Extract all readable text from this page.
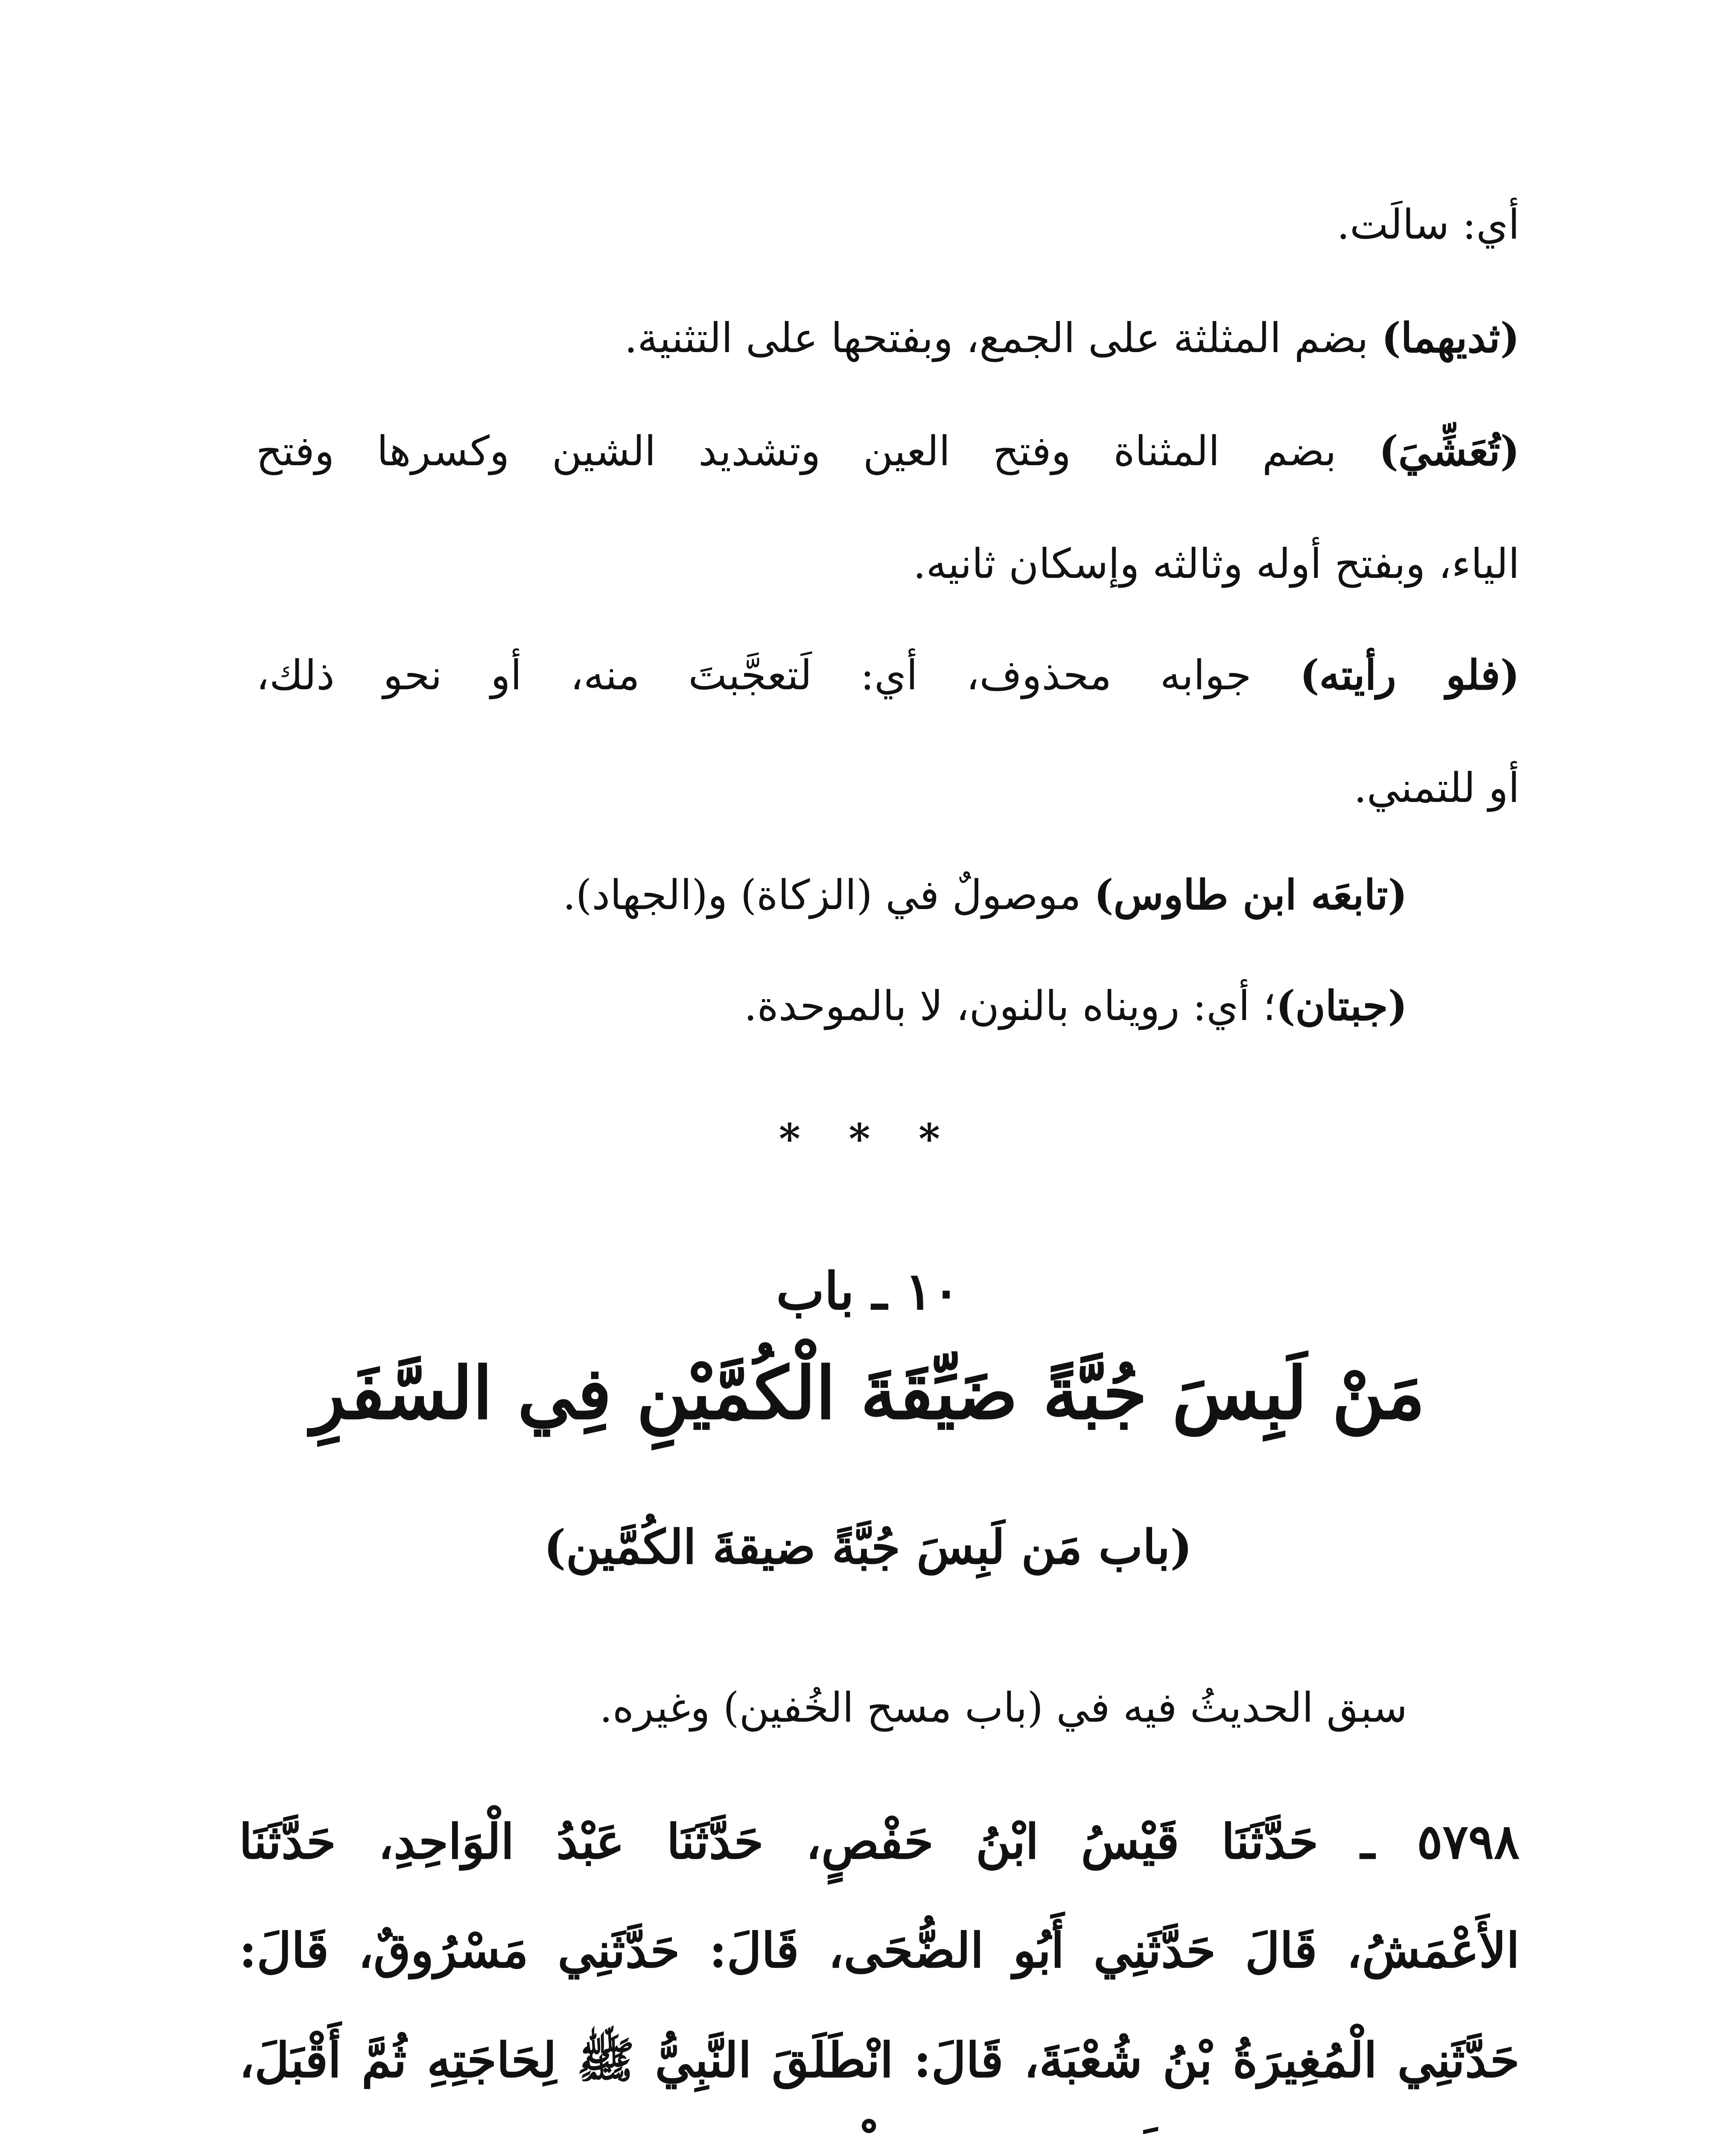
أي: سالَت.
(ثديهما) بضم المثلثة على الجمع، وبفتحها على التثنية.
(تُعَشِّيَ) بضم المثناة وفتح العين وتشديد الشين وكسرها وفتح
الياء، وبفتح أوله وثالثه وإسكان ثانيه.
(فلو رأيته) جوابه محذوف، أي: لَتعجَّبتَ منه، أو نحو ذلك،
أو للتمني.
(تابعَه ابن طاوس) موصولٌ في (الزكاة) و(الجهاد).
(جبتان)؛ أي: رويناه بالنون، لا بالموحدة.
* * *
١٠ ـ باب
مَنْ لَبِسَ جُبَّةً ضَيِّقَةَ الْكُمَّيْنِ فِي السَّفَرِ
(باب مَن لَبِسَ جُبَّةً ضيقةَ الكُمَّين)
سبق الحديثُ فيه في (باب مسح الخُفين) وغيره.
٥٧٩٨ ـ حَدَّثَنَا قَيْسُ ابْنُ حَفْصٍ، حَدَّثَنَا عَبْدُ الْوَاحِدِ، حَدَّثَنَا
الأَعْمَشُ، قَالَ حَدَّثَنِي أَبُو الضُّحَى، قَالَ: حَدَّثَنِي مَسْرُوقٌ، قَالَ:
حَدَّثَنِي الْمُغِيرَةُ بْنُ شُعْبَةَ، قَالَ: انْطَلَقَ النَّبِيُّ ﷺ لِحَاجَتِهِ ثُمَّ أَقْبَلَ،
